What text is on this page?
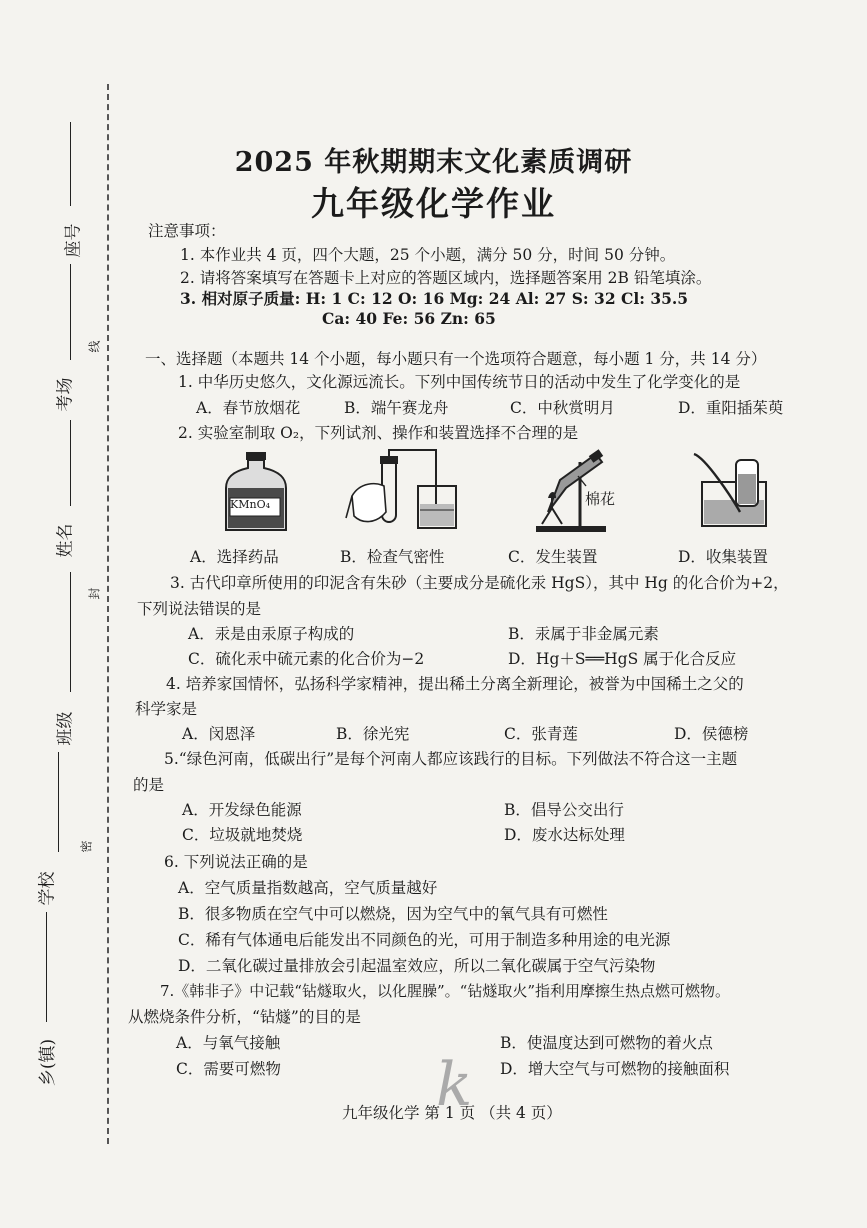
线
封
密
座号
考场
姓名
班级
学校
乡(镇)
2025 年秋期期末文化素质调研
九年级化学作业
注意事项：
1. 本作业共 4 页，四个大题，25 个小题，满分 50 分，时间 50 分钟。
2. 请将答案填写在答题卡上对应的答题区域内，选择题答案用 2B 铅笔填涂。
3. 相对原子质量: H: 1 C: 12 O: 16 Mg: 24 Al: 27 S: 32 Cl: 35.5
Ca: 40 Fe: 56 Zn: 65
一、选择题（本题共 14 个小题，每小题只有一个选项符合题意，每小题 1 分，共 14 分）
1. 中华历史悠久，文化源远流长。下列中国传统节日的活动中发生了化学变化的是
A．春节放烟花	B．端午赛龙舟	C．中秋赏明月	D．重阳插茱萸
2. 实验室制取 O₂，下列试剂、操作和装置选择不合理的是
KMnO₄	棉花
A．选择药品	B．检查气密性	C．发生装置	D．收集装置
3. 古代印章所使用的印泥含有朱砂（主要成分是硫化汞 HgS），其中 Hg 的化合价为+2，
下列说法错误的是
A．汞是由汞原子构成的	B．汞属于非金属元素
C．硫化汞中硫元素的化合价为−2	D．Hg＋S══HgS 属于化合反应
4. 培养家国情怀，弘扬科学家精神，提出稀土分离全新理论，被誉为中国稀土之父的
科学家是
A．闵恩泽	B．徐光宪	C．张青莲	D．侯德榜
5.“绿色河南，低碳出行”是每个河南人都应该践行的目标。下列做法不符合这一主题
的是
A．开发绿色能源	B．倡导公交出行
C．垃圾就地焚烧	D．废水达标处理
6. 下列说法正确的是
A．空气质量指数越高，空气质量越好
B．很多物质在空气中可以燃烧，因为空气中的氧气具有可燃性
C．稀有气体通电后能发出不同颜色的光，可用于制造多种用途的电光源
D．二氧化碳过量排放会引起温室效应，所以二氧化碳属于空气污染物
7.《韩非子》中记载“钻燧取火，以化腥臊”。“钻燧取火”指利用摩擦生热点燃可燃物。
从燃烧条件分析，“钻燧”的目的是
A．与氧气接触	B．使温度达到可燃物的着火点
C．需要可燃物	D．增大空气与可燃物的接触面积
九年级化学 第 1 页 （共 4 页）
k
